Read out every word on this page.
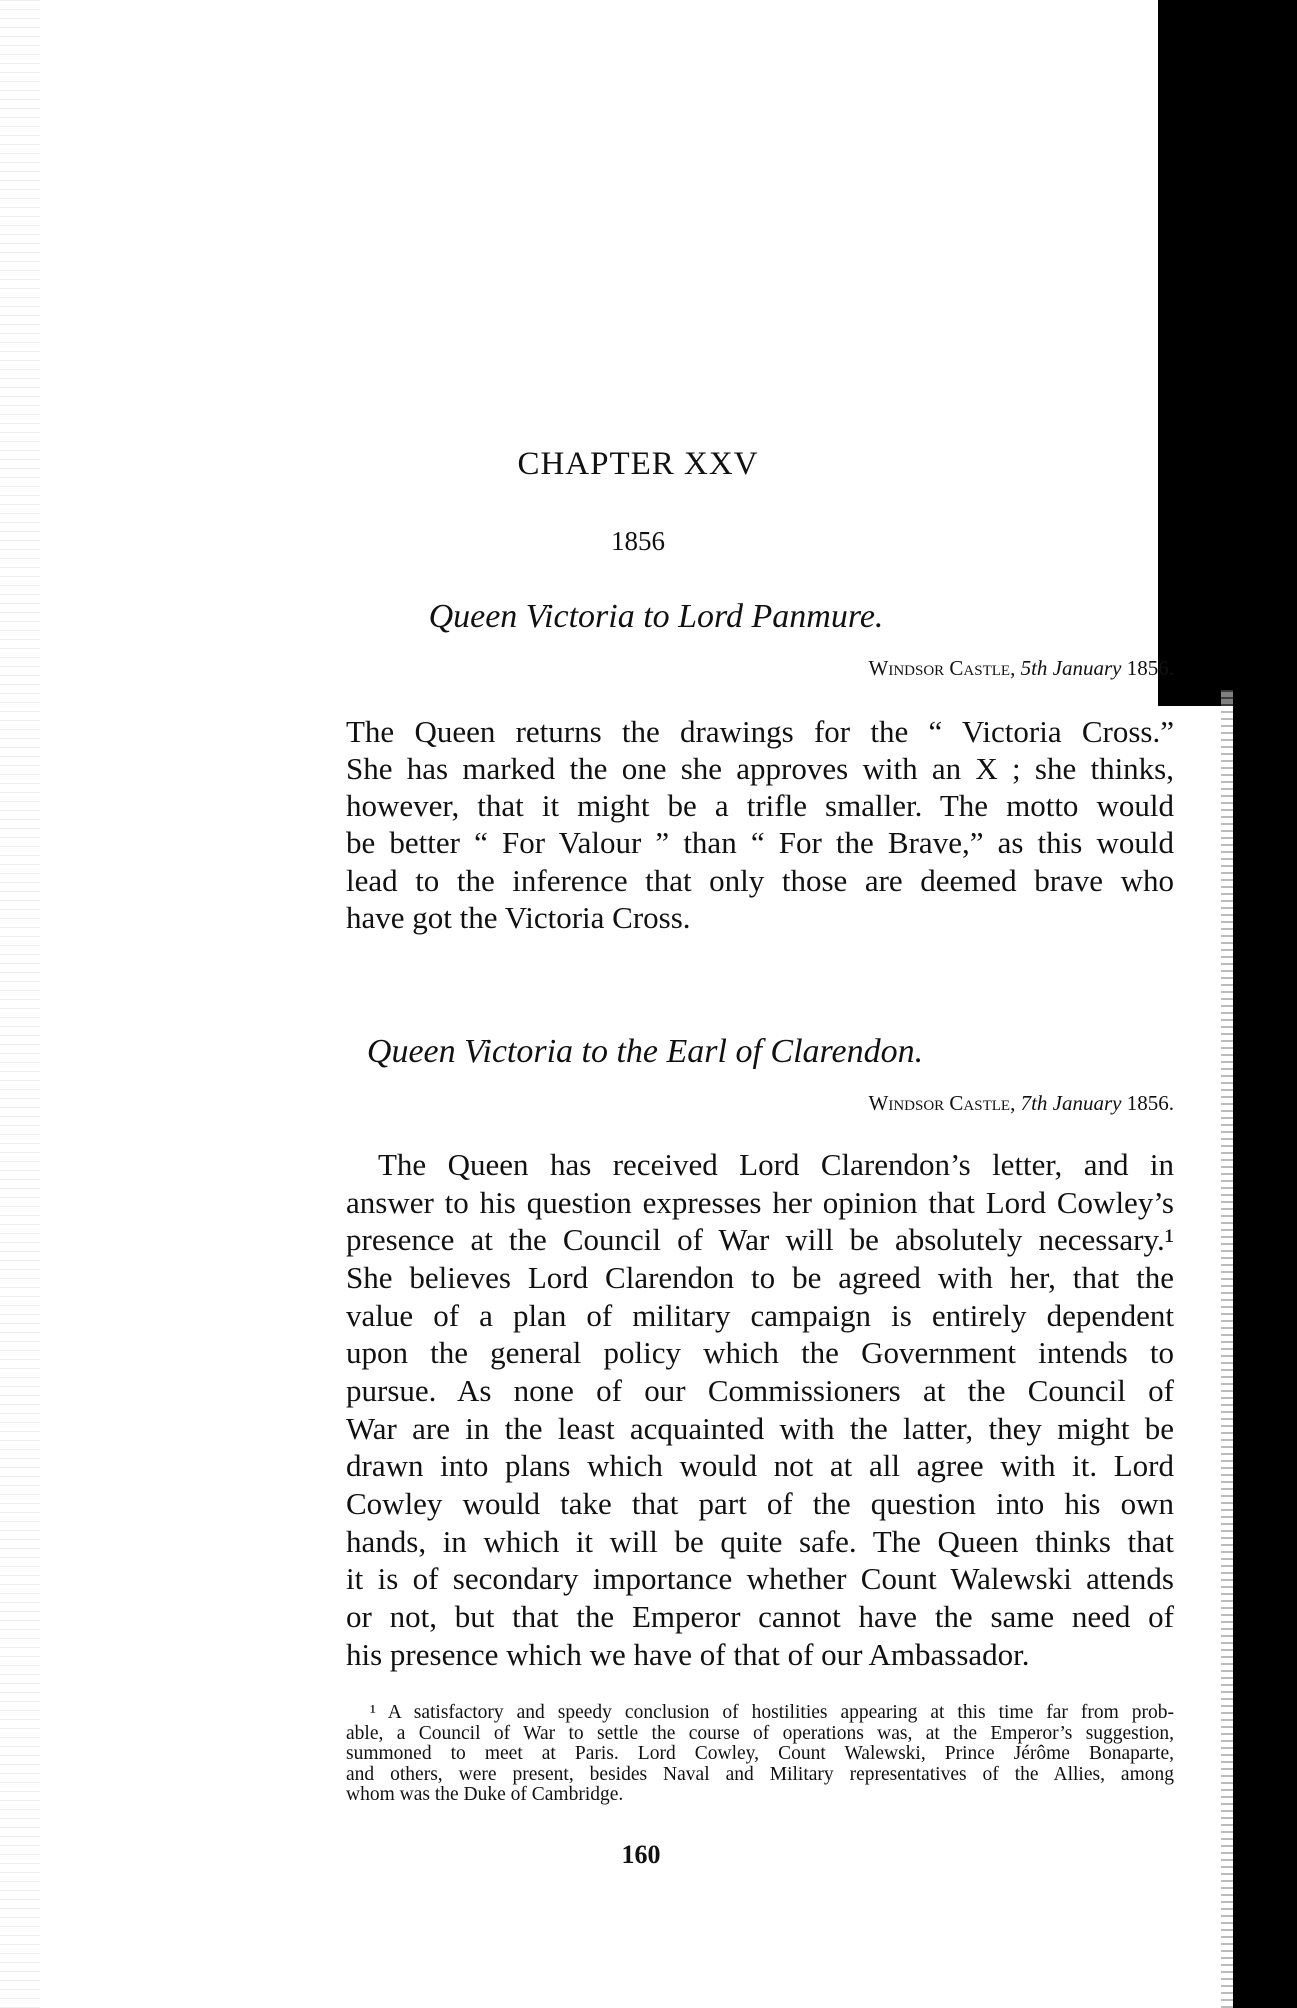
CHAPTER XXV
1856
Queen Victoria to Lord Panmure.
Windsor Castle, 5th January 1856.
The Queen returns the drawings for the “ Victoria Cross.”
She has marked the one she approves with an X ; she thinks,
however, that it might be a trifle smaller. The motto would
be better “ For Valour ” than “ For the Brave,” as this would
lead to the inference that only those are deemed brave who
have got the Victoria Cross.
Queen Victoria to the Earl of Clarendon.
Windsor Castle, 7th January 1856.
The Queen has received Lord Clarendon’s letter, and in
answer to his question expresses her opinion that Lord Cowley’s
presence at the Council of War will be absolutely necessary.¹
She believes Lord Clarendon to be agreed with her, that the
value of a plan of military campaign is entirely dependent
upon the general policy which the Government intends to
pursue. As none of our Commissioners at the Council of
War are in the least acquainted with the latter, they might be
drawn into plans which would not at all agree with it. Lord
Cowley would take that part of the question into his own
hands, in which it will be quite safe. The Queen thinks that
it is of secondary importance whether Count Walewski attends
or not, but that the Emperor cannot have the same need of
his presence which we have of that of our Ambassador.
¹ A satisfactory and speedy conclusion of hostilities appearing at this time far from prob-
able, a Council of War to settle the course of operations was, at the Emperor’s suggestion,
summoned to meet at Paris. Lord Cowley, Count Walewski, Prince Jérôme Bonaparte,
and others, were present, besides Naval and Military representatives of the Allies, among
whom was the Duke of Cambridge.
160
